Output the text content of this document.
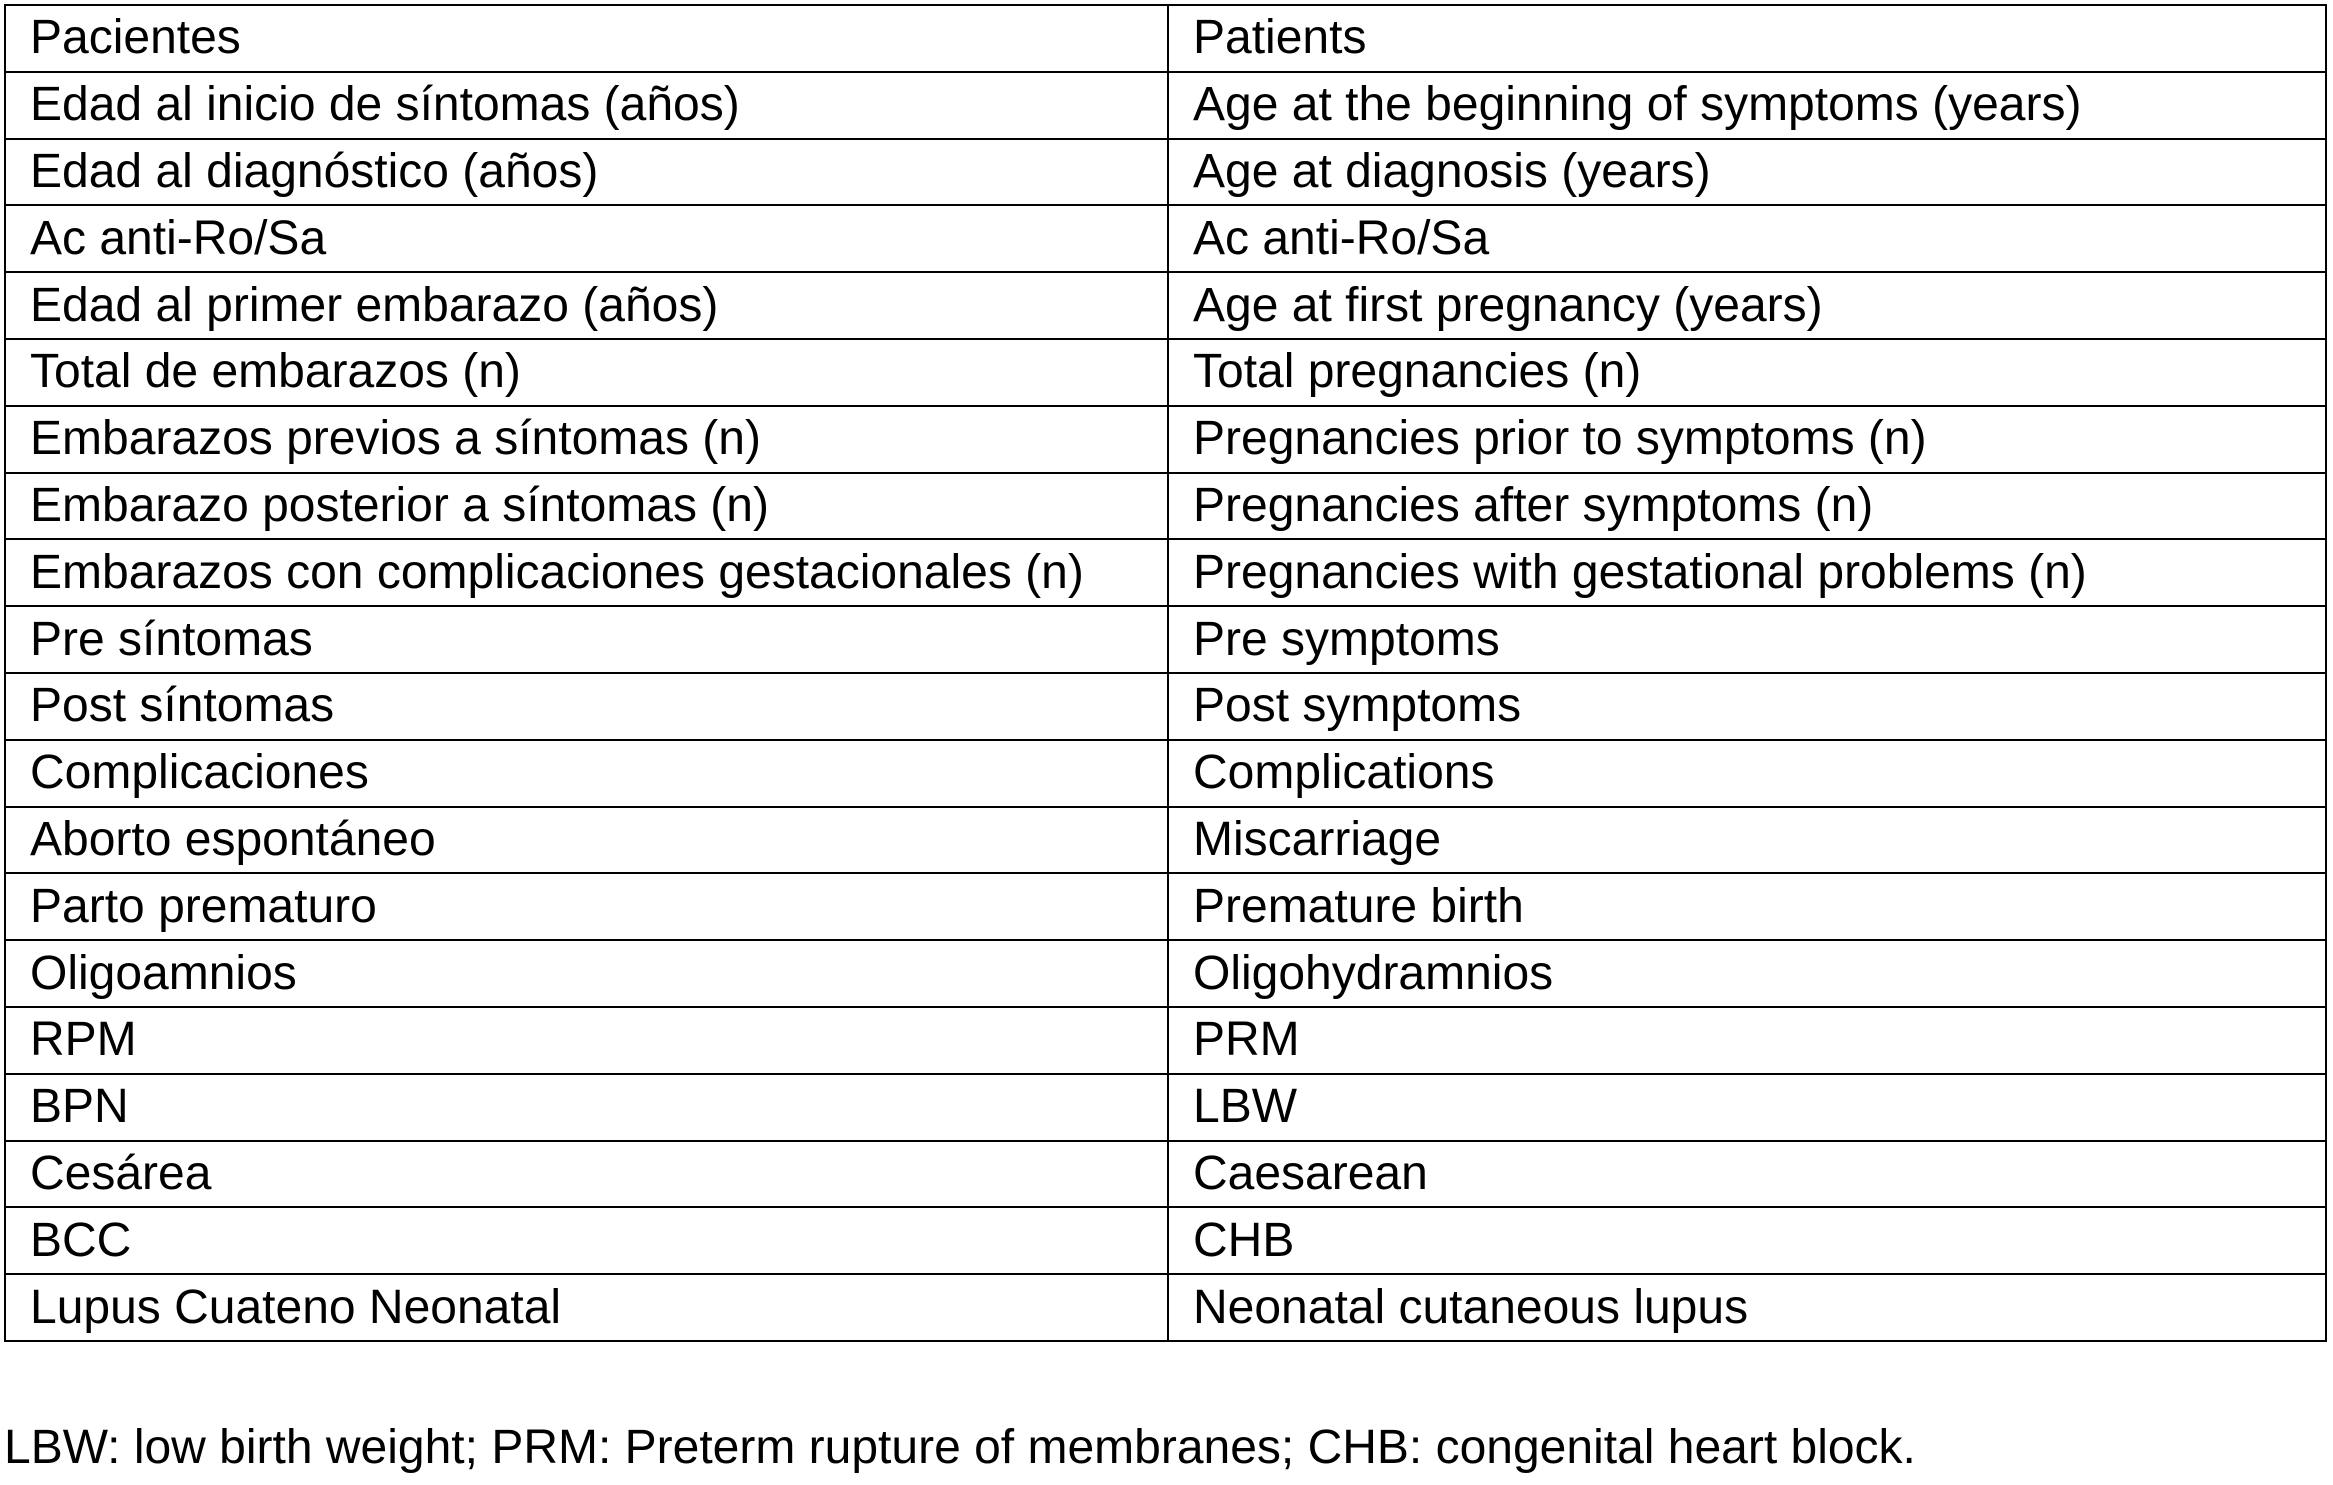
Pacientes	Patients
Edad al inicio de síntomas (años)	Age at the beginning of symptoms (years)
Edad al diagnóstico (años)	Age at diagnosis (years)
Ac anti-Ro/Sa	Ac anti-Ro/Sa
Edad al primer embarazo (años)	Age at first pregnancy (years)
Total de embarazos (n)	Total pregnancies (n)
Embarazos previos a síntomas (n)	Pregnancies prior to symptoms (n)
Embarazo posterior a síntomas (n)	Pregnancies after symptoms (n)
Embarazos con complicaciones gestacionales (n)	Pregnancies with gestational problems (n)
Pre síntomas	Pre symptoms
Post síntomas	Post symptoms
Complicaciones	Complications
Aborto espontáneo	Miscarriage
Parto prematuro	Premature birth
Oligoamnios	Oligohydramnios
RPM	PRM
BPN	LBW
Cesárea	Caesarean
BCC	CHB
Lupus Cuateno Neonatal	Neonatal cutaneous lupus
LBW: low birth weight; PRM: Preterm rupture of membranes; CHB: congenital heart block.
